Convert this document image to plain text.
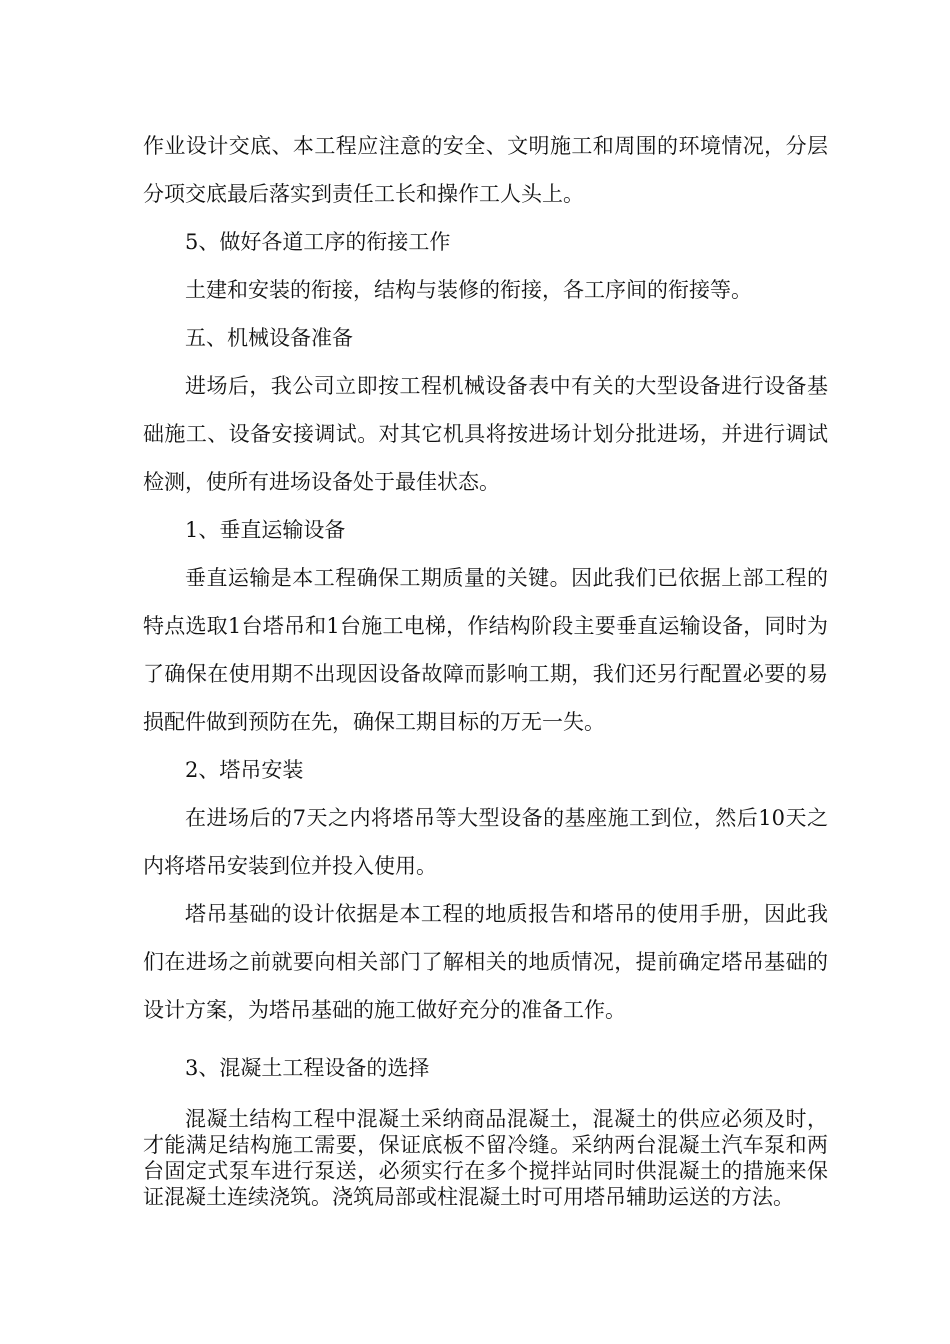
作业设计交底、本工程应注意的安全、文明施工和周围的环境情况，分层分项交底最后落实到责任工长和操作工人头上。

5、做好各道工序的衔接工作

土建和安装的衔接，结构与装修的衔接，各工序间的衔接等。

五、机械设备准备

进场后，我公司立即按工程机械设备表中有关的大型设备进行设备基础施工、设备安接调试。对其它机具将按进场计划分批进场，并进行调试检测，使所有进场设备处于最佳状态。

1、垂直运输设备

垂直运输是本工程确保工期质量的关键。因此我们已依据上部工程的特点选取1台塔吊和1台施工电梯，作结构阶段主要垂直运输设备，同时为了确保在使用期不出现因设备故障而影响工期，我们还另行配置必要的易损配件做到预防在先，确保工期目标的万无一失。

2、塔吊安装

在进场后的7天之内将塔吊等大型设备的基座施工到位，然后10天之内将塔吊安装到位并投入使用。

塔吊基础的设计依据是本工程的地质报告和塔吊的使用手册，因此我们在进场之前就要向相关部门了解相关的地质情况，提前确定塔吊基础的设计方案，为塔吊基础的施工做好充分的准备工作。

3、混凝土工程设备的选择

混凝土结构工程中混凝土采纳商品混凝土，混凝土的供应必须及时，才能满足结构施工需要，保证底板不留冷缝。采纳两台混凝土汽车泵和两台固定式泵车进行泵送，必须实行在多个搅拌站同时供混凝土的措施来保证混凝土连续浇筑。浇筑局部或柱混凝土时可用塔吊辅助运送的方法。
